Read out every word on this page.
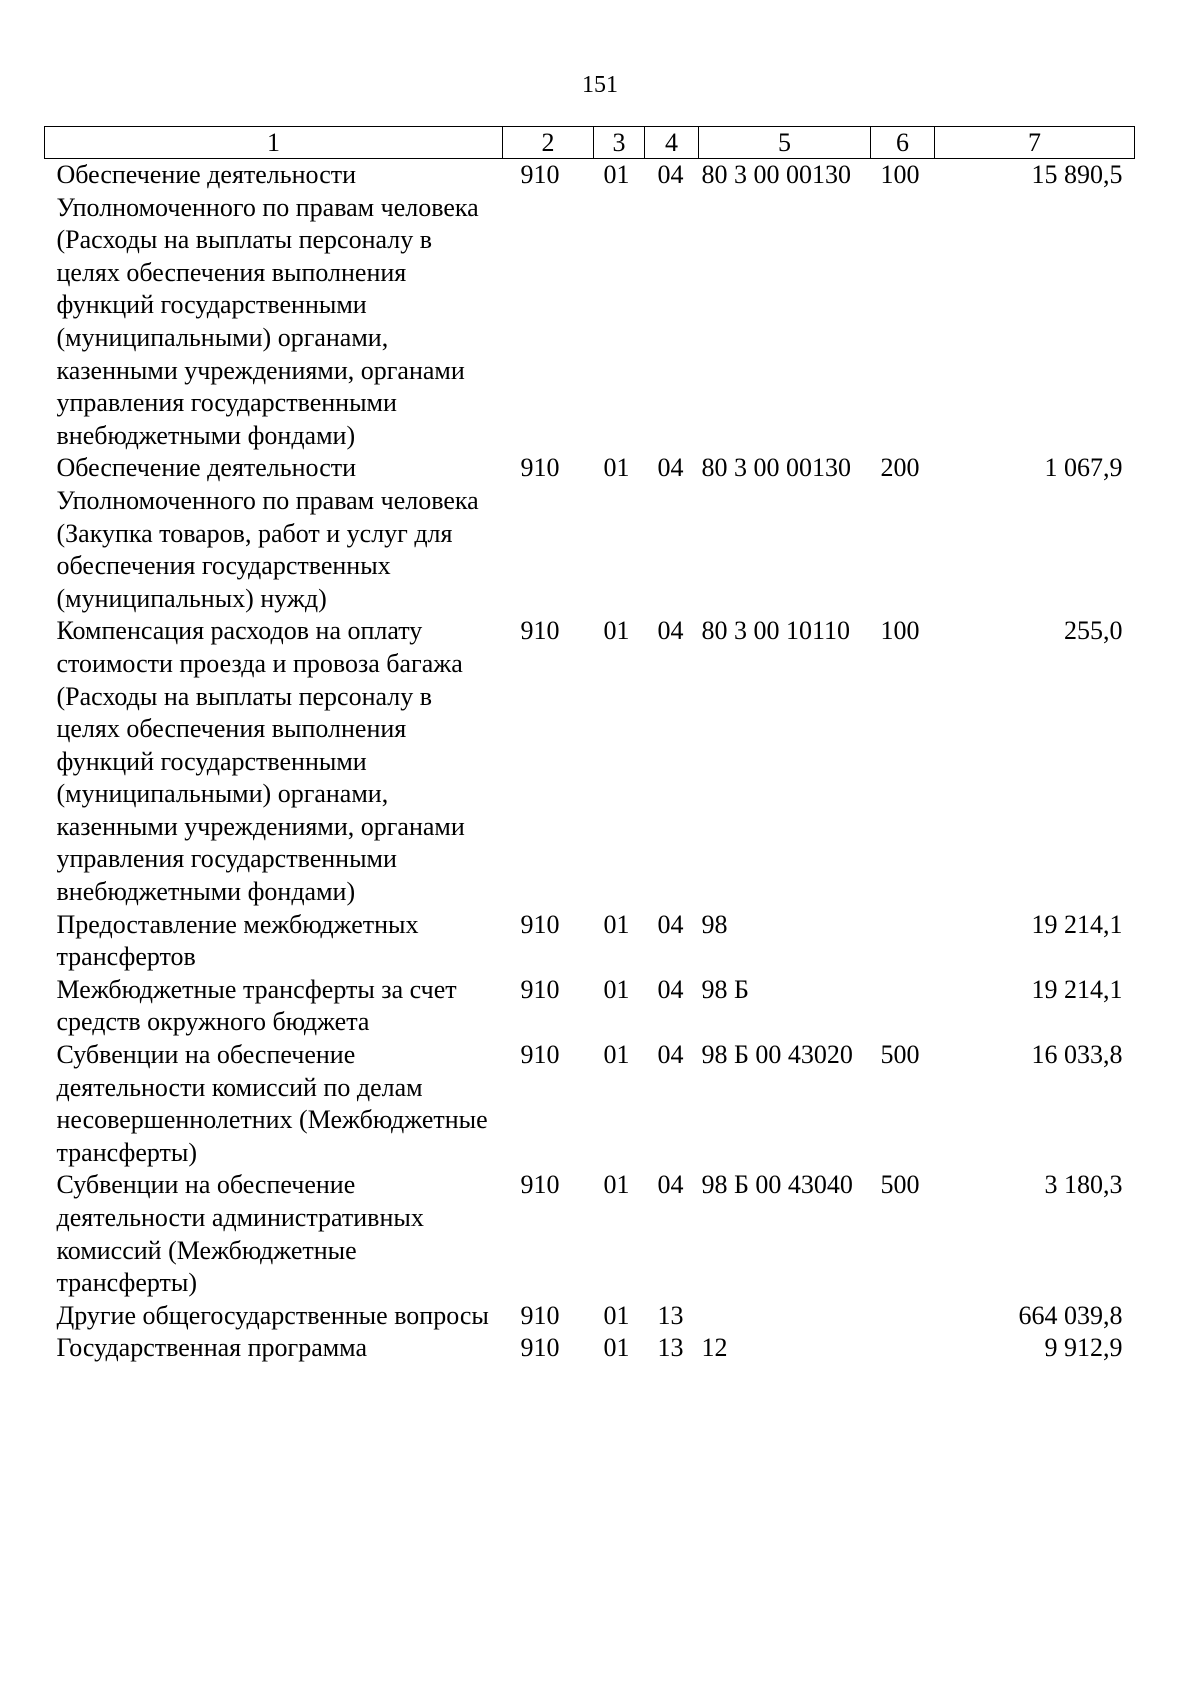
151
1	2	3	4	5	6	7
Обеспечение деятельности Уполномоченного по правам человека (Расходы на выплаты персоналу в целях обеспечения выполнения функций государственными (муниципальными) органами, казенными учреждениями, органами управления государственными внебюджетными фондами)	910	01	04	80 3 00 00130	100	15 890,5
Обеспечение деятельности Уполномоченного по правам человека (Закупка товаров, работ и услуг для обеспечения государственных (муниципальных) нужд)	910	01	04	80 3 00 00130	200	1 067,9
Компенсация расходов на оплату стоимости проезда и провоза багажа (Расходы на выплаты персоналу в целях обеспечения выполнения функций государственными (муниципальными) органами, казенными учреждениями, органами управления государственными внебюджетными фондами)	910	01	04	80 3 00 10110	100	255,0
Предоставление межбюджетных трансфертов	910	01	04	98		19 214,1
Межбюджетные трансферты за счет средств окружного бюджета	910	01	04	98 Б		19 214,1
Субвенции на обеспечение деятельности комиссий по делам несовершеннолетних (Межбюджетные трансферты)	910	01	04	98 Б 00 43020	500	16 033,8
Субвенции на обеспечение деятельности административных комиссий (Межбюджетные трансферты)	910	01	04	98 Б 00 43040	500	3 180,3
Другие общегосударственные вопросы	910	01	13			664 039,8
Государственная программа	910	01	13	12		9 912,9
